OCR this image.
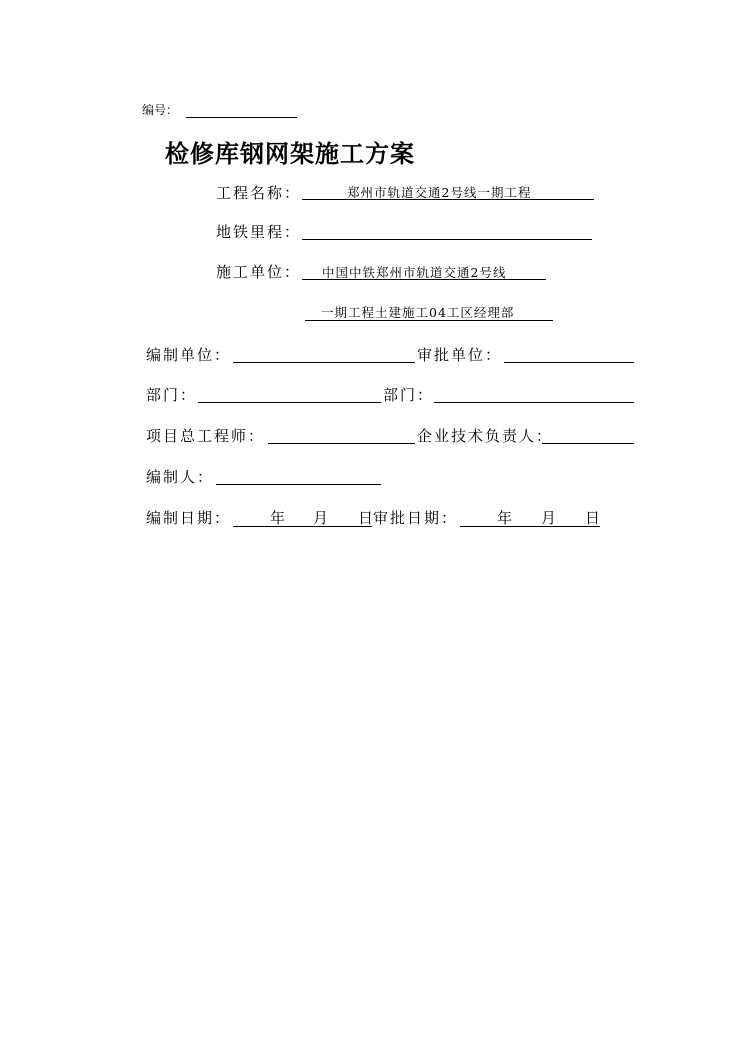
编号：
检修库钢网架施工方案
工程名称：	郑州市轨道交通2号线一期工程
地铁里程：
施工单位： 中国中铁郑州市轨道交通2号线
一期工程土建施工04工区经理部
编制单位：	审批单位：
部门：	部门：
项目总工程师：	企业技术负责人：
编制人：
编制日期：	年 月 日
审批日期：	年 月 日
